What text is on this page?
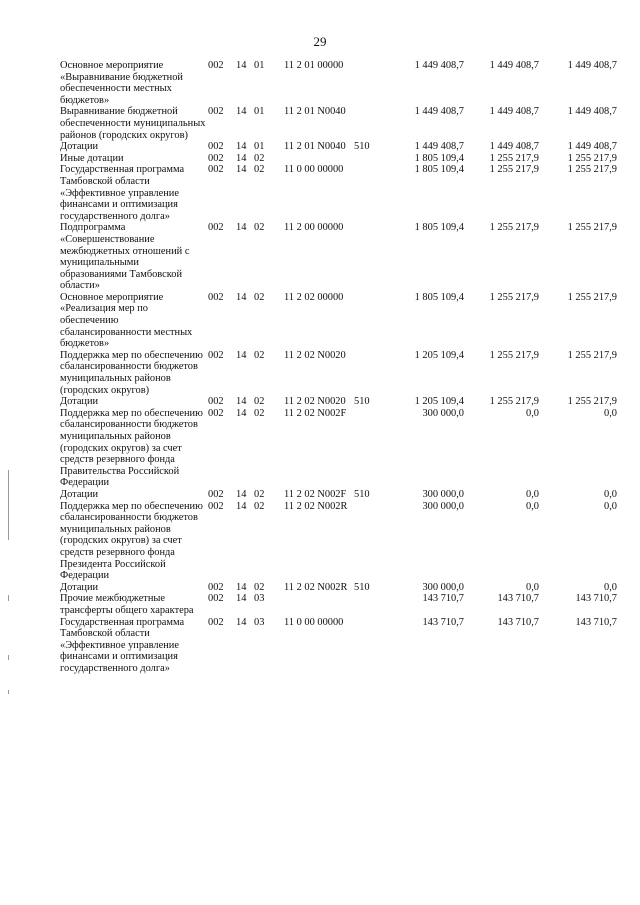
29
Основное мероприятие «Выравнивание бюджетной обеспеченности местных бюджетов»	002	14	01	11 2 01 00000		1 449 408,7	1 449 408,7	1 449 408,7
Выравнивание бюджетной обеспеченности муниципальных районов (городских округов)	002	14	01	11 2 01 N0040		1 449 408,7	1 449 408,7	1 449 408,7
Дотации	002	14	01	11 2 01 N0040	510	1 449 408,7	1 449 408,7	1 449 408,7
Иные дотации	002	14	02			1 805 109,4	1 255 217,9	1 255 217,9
Государственная программа Тамбовской области «Эффективное управление финансами и оптимизация государственного долга»	002	14	02	11 0 00 00000		1 805 109,4	1 255 217,9	1 255 217,9
Подпрограмма «Совершенствование межбюджетных отношений с муниципальными образованиями Тамбовской области»	002	14	02	11 2 00 00000		1 805 109,4	1 255 217,9	1 255 217,9
Основное мероприятие «Реализация мер по обеспечению сбалансированности местных бюджетов»	002	14	02	11 2 02 00000		1 805 109,4	1 255 217,9	1 255 217,9
Поддержка мер по обеспечению сбалансированности бюджетов муниципальных районов (городских округов)	002	14	02	11 2 02 N0020		1 205 109,4	1 255 217,9	1 255 217,9
Дотации	002	14	02	11 2 02 N0020	510	1 205 109,4	1 255 217,9	1 255 217,9
Поддержка мер по обеспечению сбалансированности бюджетов муниципальных районов (городских округов) за счет средств резервного фонда Правительства Российской Федерации	002	14	02	11 2 02 N002F		300 000,0	0,0	0,0
Дотации	002	14	02	11 2 02 N002F	510	300 000,0	0,0	0,0
Поддержка мер по обеспечению сбалансированности бюджетов муниципальных районов (городских округов) за счет средств резервного фонда Президента Российской Федерации	002	14	02	11 2 02 N002R		300 000,0	0,0	0,0
Дотации	002	14	02	11 2 02 N002R	510	300 000,0	0,0	0,0
Прочие межбюджетные трансферты общего характера	002	14	03			143 710,7	143 710,7	143 710,7
Государственная программа Тамбовской области «Эффективное управление финансами и оптимизация государственного долга»	002	14	03	11 0 00 00000		143 710,7	143 710,7	143 710,7
